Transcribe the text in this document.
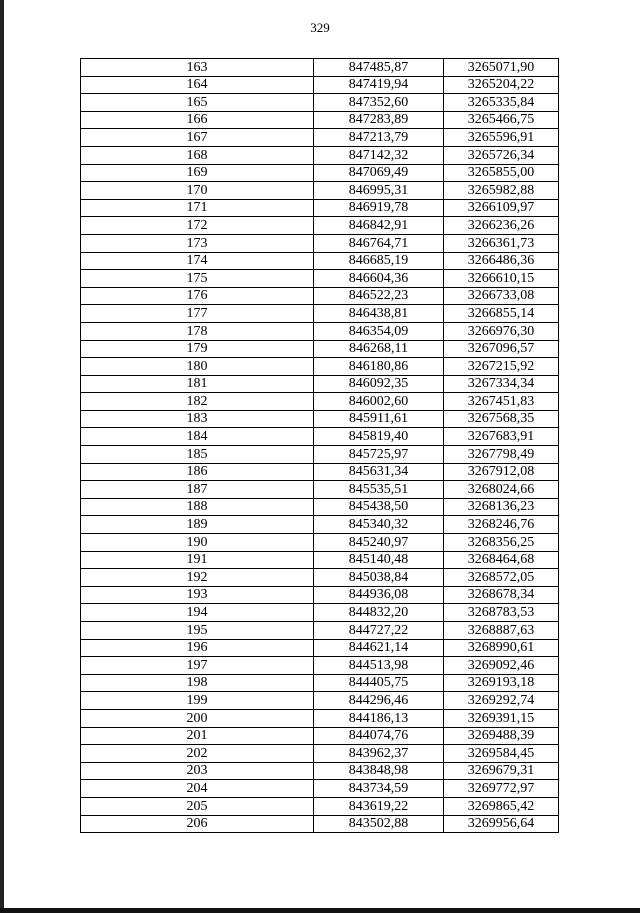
329
163	847485,87	3265071,90
164	847419,94	3265204,22
165	847352,60	3265335,84
166	847283,89	3265466,75
167	847213,79	3265596,91
168	847142,32	3265726,34
169	847069,49	3265855,00
170	846995,31	3265982,88
171	846919,78	3266109,97
172	846842,91	3266236,26
173	846764,71	3266361,73
174	846685,19	3266486,36
175	846604,36	3266610,15
176	846522,23	3266733,08
177	846438,81	3266855,14
178	846354,09	3266976,30
179	846268,11	3267096,57
180	846180,86	3267215,92
181	846092,35	3267334,34
182	846002,60	3267451,83
183	845911,61	3267568,35
184	845819,40	3267683,91
185	845725,97	3267798,49
186	845631,34	3267912,08
187	845535,51	3268024,66
188	845438,50	3268136,23
189	845340,32	3268246,76
190	845240,97	3268356,25
191	845140,48	3268464,68
192	845038,84	3268572,05
193	844936,08	3268678,34
194	844832,20	3268783,53
195	844727,22	3268887,63
196	844621,14	3268990,61
197	844513,98	3269092,46
198	844405,75	3269193,18
199	844296,46	3269292,74
200	844186,13	3269391,15
201	844074,76	3269488,39
202	843962,37	3269584,45
203	843848,98	3269679,31
204	843734,59	3269772,97
205	843619,22	3269865,42
206	843502,88	3269956,64
